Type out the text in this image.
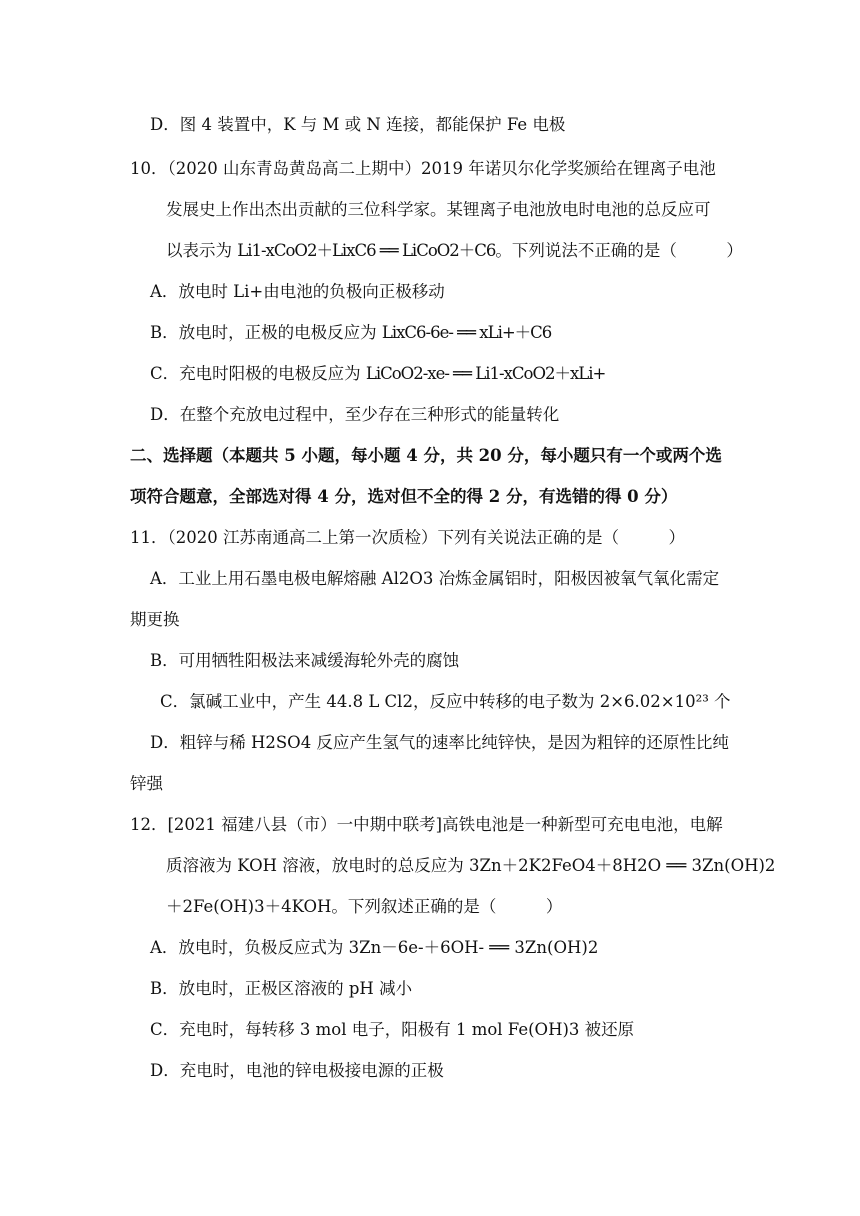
D．图 4 装置中，K 与 M 或 N 连接，都能保护 Fe 电极
10．（2020 山东青岛黄岛高二上期中）2019 年诺贝尔化学奖颁给在锂离子电池
发展史上作出杰出贡献的三位科学家。某锂离子电池放电时电池的总反应可
以表示为 Li1-xCoO2＋LixC6 ══ LiCoO2＋C6。下列说法不正确的是（　　　）
A．放电时 Li+由电池的负极向正极移动
B．放电时，正极的电极反应为 LixC6-6e- ══ xLi+＋C6
C．充电时阳极的电极反应为 LiCoO2-xe- ══ Li1-xCoO2＋xLi+
D．在整个充放电过程中，至少存在三种形式的能量转化
二、选择题（本题共 5 小题，每小题 4 分，共 20 分，每小题只有一个或两个选
项符合题意，全部选对得 4 分，选对但不全的得 2 分，有选错的得 0 分）
11．（2020 江苏南通高二上第一次质检）下列有关说法正确的是（　　　）
A．工业上用石墨电极电解熔融 Al2O3 冶炼金属铝时，阳极因被氧气氧化需定
期更换
B．可用牺牲阳极法来减缓海轮外壳的腐蚀
C．氯碱工业中，产生 44.8 L Cl2，反应中转移的电子数为 2×6.02×10²³ 个
D．粗锌与稀 H2SO4 反应产生氢气的速率比纯锌快，是因为粗锌的还原性比纯
锌强
12．[2021 福建八县（市）一中期中联考]高铁电池是一种新型可充电电池，电解
质溶液为 KOH 溶液，放电时的总反应为 3Zn＋2K2FeO4＋8H2O ══ 3Zn(OH)2
＋2Fe(OH)3＋4KOH。下列叙述正确的是（　　　）
A．放电时，负极反应式为 3Zn－6e-＋6OH- ══ 3Zn(OH)2
B．放电时，正极区溶液的 pH 减小
C．充电时，每转移 3 mol 电子，阳极有 1 mol Fe(OH)3 被还原
D．充电时，电池的锌电极接电源的正极
